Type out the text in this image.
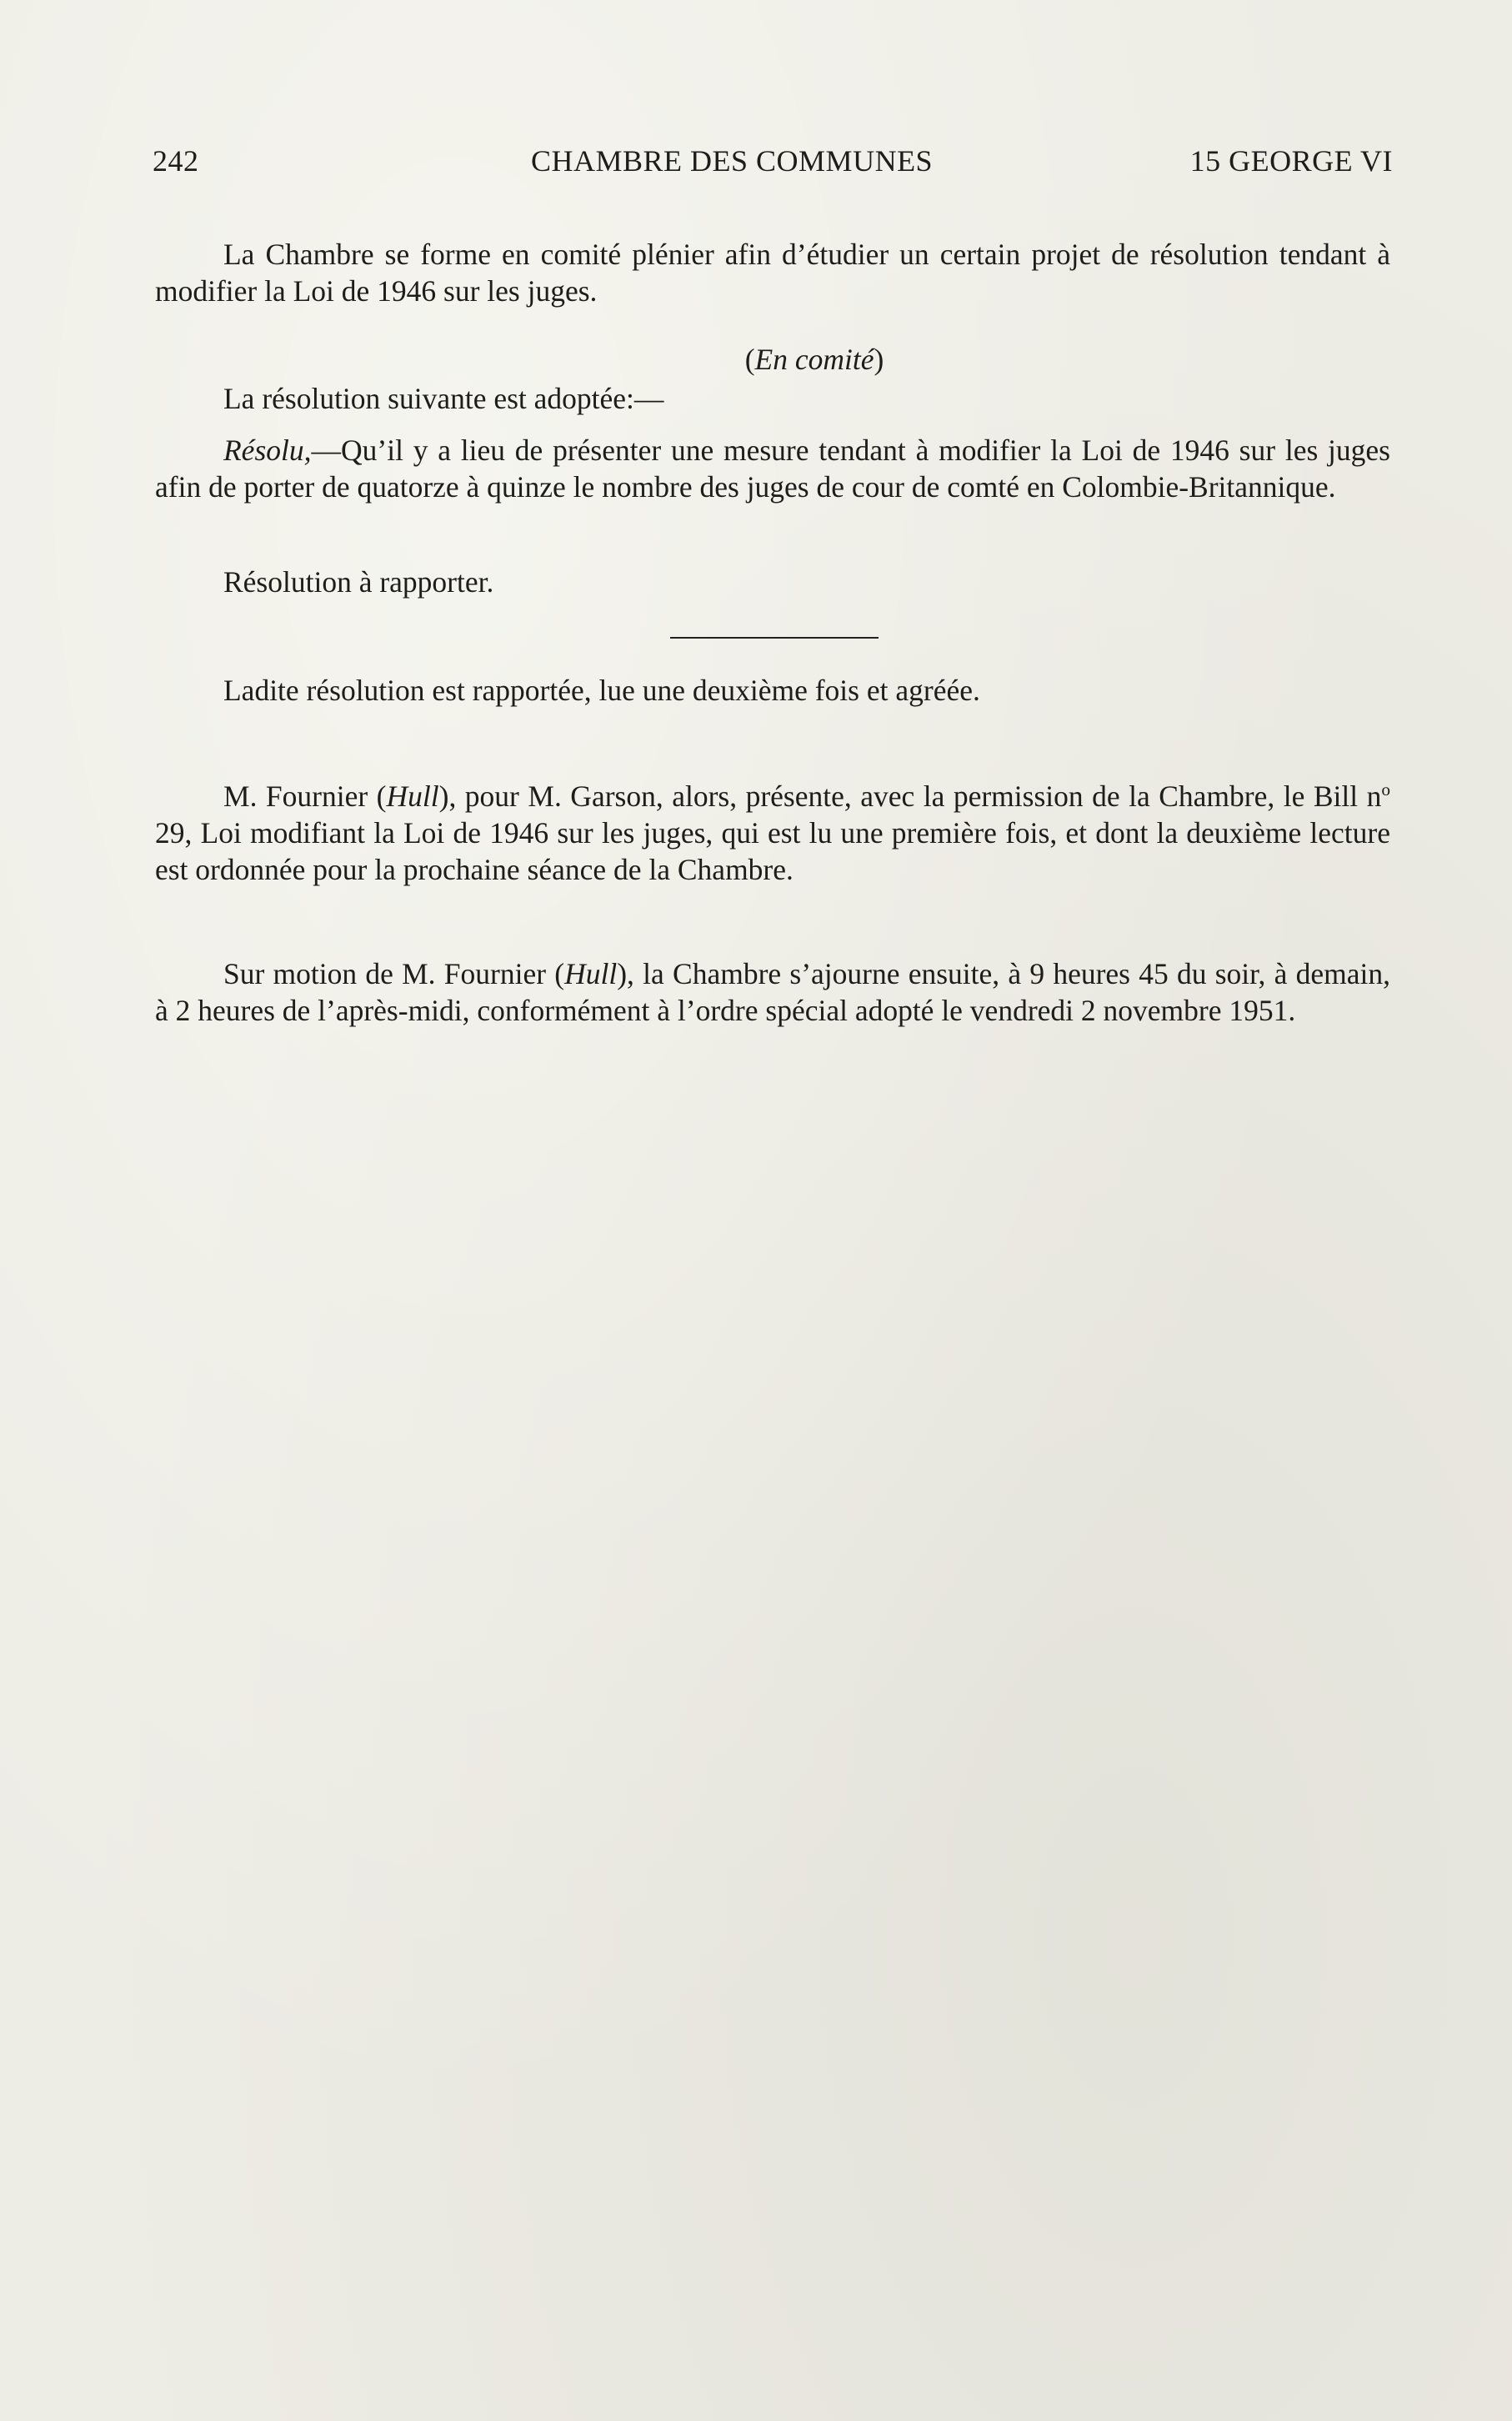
242	CHAMBRE DES COMMUNES	15 GEORGE VI
La Chambre se forme en comité plénier afin d’étudier un certain projet de résolution tendant à modifier la Loi de 1946 sur les juges.
(En comité)
La résolution suivante est adoptée:—
Résolu,—Qu’il y a lieu de présenter une mesure tendant à modifier la Loi de 1946 sur les juges afin de porter de quatorze à quinze le nombre des juges de cour de comté en Colombie-Britannique.
Résolution à rapporter.
Ladite résolution est rapportée, lue une deuxième fois et agréée.
M. Fournier (Hull), pour M. Garson, alors, présente, avec la permission de la Chambre, le Bill $n^o$ 29, Loi modifiant la Loi de 1946 sur les juges, qui est lu une première fois, et dont la deuxième lecture est ordonnée pour la prochaine séance de la Chambre.
Sur motion de M. Fournier (Hull), la Chambre s’ajourne ensuite, à 9 heures 45 du soir, à demain, à 2 heures de l’après-midi, conformément à l’ordre spécial adopté le vendredi 2 novembre 1951.
